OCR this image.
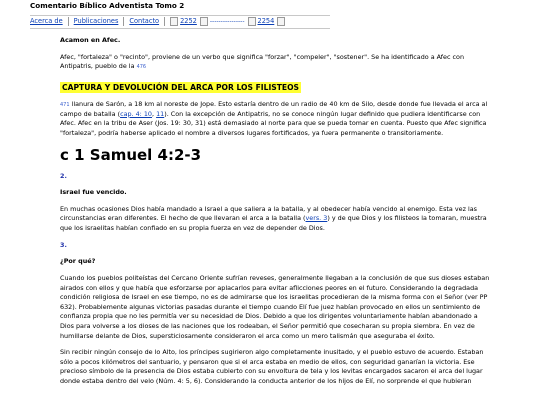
Comentario Bíblico Adventista Tomo 2
Acerca de Publicaciones Contacto	2252 ---------------- 2254

Acamon en Afec.

Afec, "fortaleza" o "recinto", proviene de un verbo que significa "forzar", "compeler", "sostener". Se ha identificado a Afec con Antipatris, pueblo de la 476

CAPTURA Y DEVOLUCIÓN DEL ARCA POR LOS FILISTEOS

471 llanura de Sarón, a 18 km al noreste de Jope. Esto estaría dentro de un radio de 40 km de Silo, desde donde fue llevada el arca al campo de batalla (cap. 4: 10, 11). Con la excepción de Antipatris, no se conoce ningún lugar definido que pudiera identificarse con Afec. Afec en la tribu de Aser (Jos. 19: 30, 31) está demasiado al norte para que se pueda tomar en cuenta. Puesto que Afec significa "fortaleza", podría haberse aplicado el nombre a diversos lugares fortificados, ya fuera permanente o transitoriamente.

c 1 Samuel 4:2-3
2.

Israel fue vencido.

En muchas ocasiones Dios había mandado a Israel a que saliera a la batalla, y al obedecer había vencido al enemigo. Esta vez las circunstancias eran diferentes. El hecho de que llevaran el arca a la batalla (vers. 3) y de que Dios y los filisteos la tomaran, muestra que los israelitas habían confiado en su propia fuerza en vez de depender de Dios.

3.

¿Por qué?

Cuando los pueblos politeístas del Cercano Oriente sufrían reveses, generalmente llegaban a la conclusión de que sus dioses estaban airados con ellos y que había que esforzarse por aplacarlos para evitar aflicciones peores en el futuro. Considerando la degradada condición religiosa de Israel en ese tiempo, no es de admirarse que los israelitas procedieran de la misma forma con el Señor (ver PP 632). Probablemente algunas victorias pasadas durante el tiempo cuando Elí fue juez habían provocado en ellos un sentimiento de confianza propia que no les permitía ver su necesidad de Dios. Debido a que los dirigentes voluntariamente habían abandonado a Dios para volverse a los dioses de las naciones que los rodeaban, el Señor permitió que cosecharan su propia siembra. En vez de humillarse delante de Dios, supersticiosamente consideraron el arca como un mero talismán que aseguraba el éxito.

Sin recibir ningún consejo de lo Alto, los príncipes sugirieron algo completamente inusitado, y el pueblo estuvo de acuerdo. Estaban sólo a pocos kilómetros del santuario, y pensaron que si el arca estaba en medio de ellos, con seguridad ganarían la victoria. Ese precioso símbolo de la presencia de Dios estaba cubierto con su envoltura de tela y los levitas encargados sacaron el arca del lugar donde estaba dentro del velo (Núm. 4: 5, 6). Considerando la conducta anterior de los hijos de Elí, no sorprende el que hubieran
